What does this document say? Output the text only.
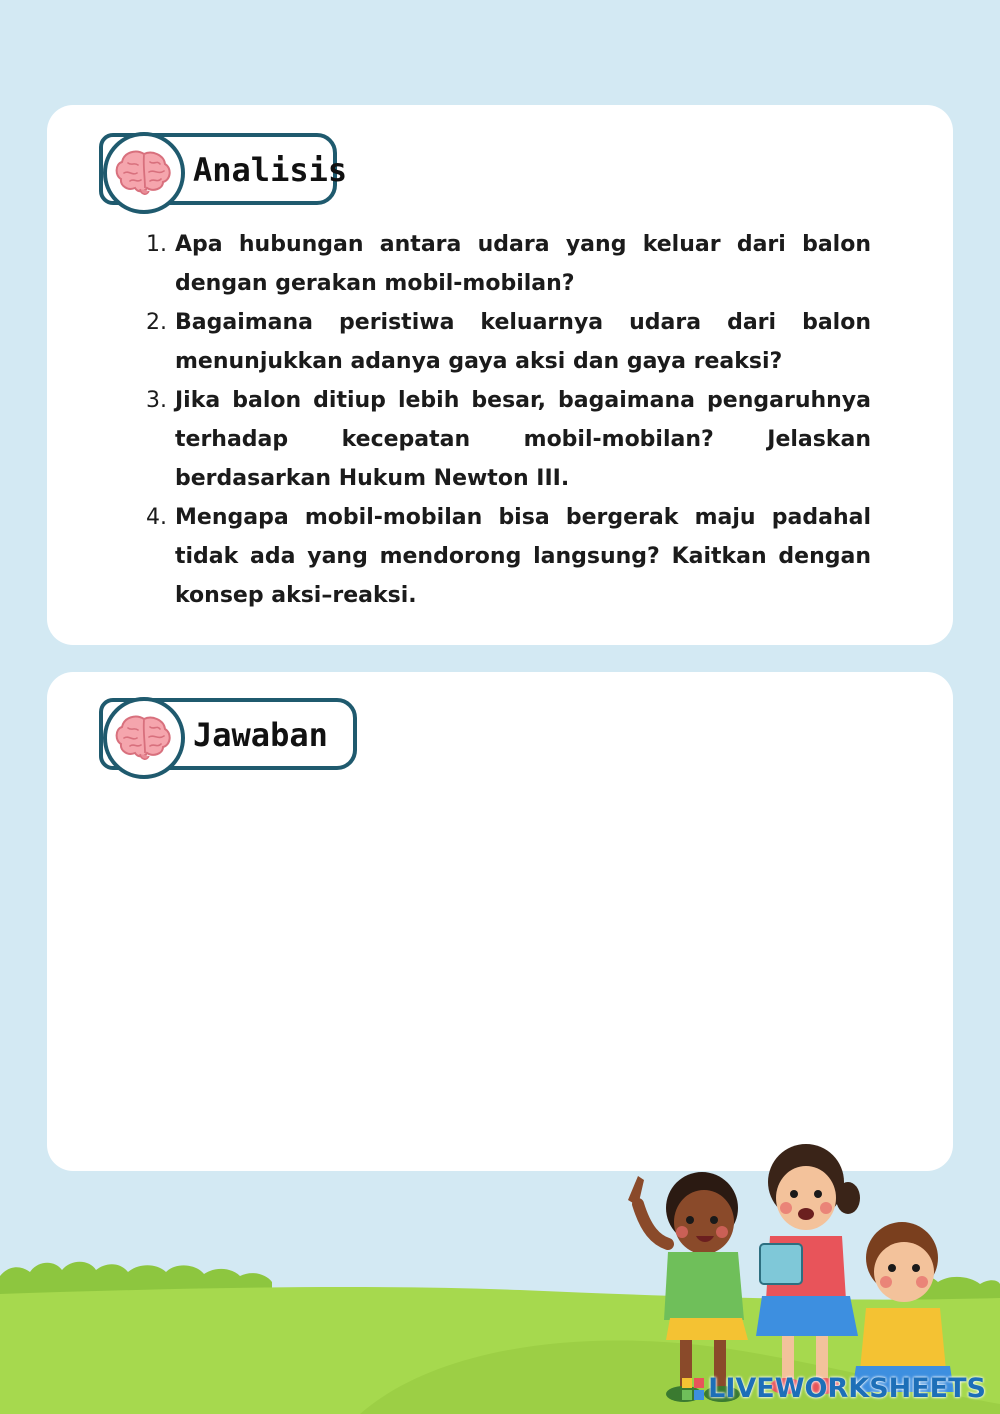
Analisis
1. Apa hubungan antara udara yang keluar dari balon dengan gerakan mobil-mobilan?
2. Bagaimana peristiwa keluarnya udara dari balon menunjukkan adanya gaya aksi dan gaya reaksi?
3. Jika balon ditiup lebih besar, bagaimana pengaruhnya terhadap kecepatan mobil-mobilan? Jelaskan berdasarkan Hukum Newton III.
4. Mengapa mobil-mobilan bisa bergerak maju padahal tidak ada yang mendorong langsung? Kaitkan dengan konsep aksi–reaksi.
Jawaban
LIVEWORKSHEETS
